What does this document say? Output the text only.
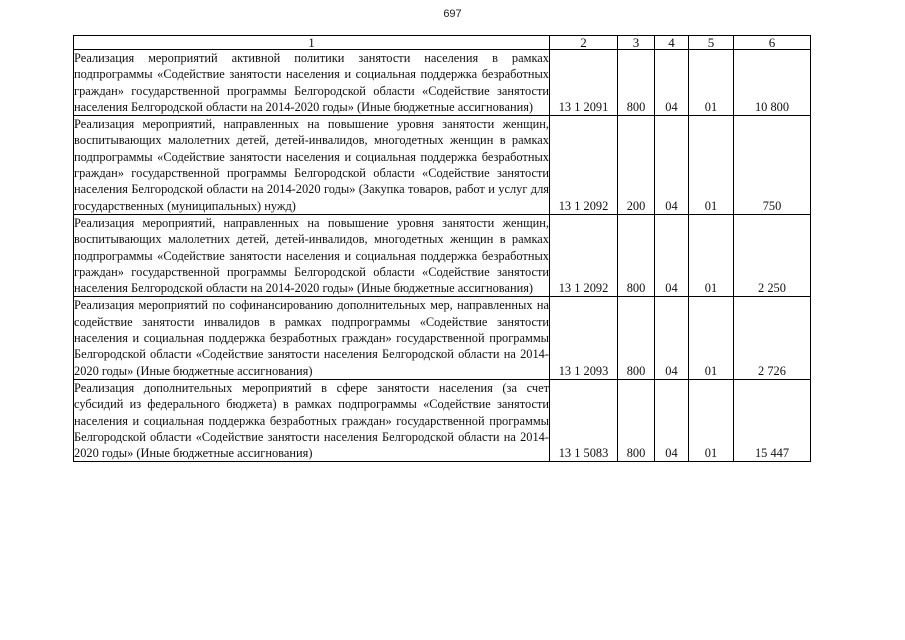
697
1	2	3	4	5	6
Реализация мероприятий активной политики занятости населения в рамках подпрограммы «Содействие занятости населения и социальная поддержка безработных граждан» государственной программы Белгородской области «Содействие занятости населения Белгородской области на 2014-2020 годы» (Иные бюджетные ассигнования)	13 1 2091	800	04	01	10 800
Реализация мероприятий, направленных на повышение уровня занятости женщин, воспитывающих малолетних детей, детей-инвалидов, многодетных женщин в рамках подпрограммы «Содействие занятости населения и социальная поддержка безработных граждан» государственной программы Белгородской области «Содействие занятости населения Белгородской области на 2014-2020 годы» (Закупка товаров, работ и услуг для государственных (муниципальных) нужд)	13 1 2092	200	04	01	750
Реализация мероприятий, направленных на повышение уровня занятости женщин, воспитывающих малолетних детей, детей-инвалидов, многодетных женщин в рамках подпрограммы «Содействие занятости населения и социальная поддержка безработных граждан» государственной программы Белгородской области «Содействие занятости населения Белгородской области на 2014-2020 годы» (Иные бюджетные ассигнования)	13 1 2092	800	04	01	2 250
Реализация мероприятий по софинансированию дополнительных мер, направленных на содействие занятости инвалидов в рамках подпрограммы «Содействие занятости населения и социальная поддержка безработных граждан» государственной программы Белгородской области «Содействие занятости населения Белгородской области на 2014-2020 годы» (Иные бюджетные ассигнования)	13 1 2093	800	04	01	2 726
Реализация дополнительных мероприятий в сфере занятости населения (за счет субсидий из федерального бюджета) в рамках подпрограммы «Содействие занятости населения и социальная поддержка безработных граждан» государственной программы Белгородской области «Содействие занятости населения Белгородской области на 2014-2020 годы» (Иные бюджетные ассигнования)	13 1 5083	800	04	01	15 447
